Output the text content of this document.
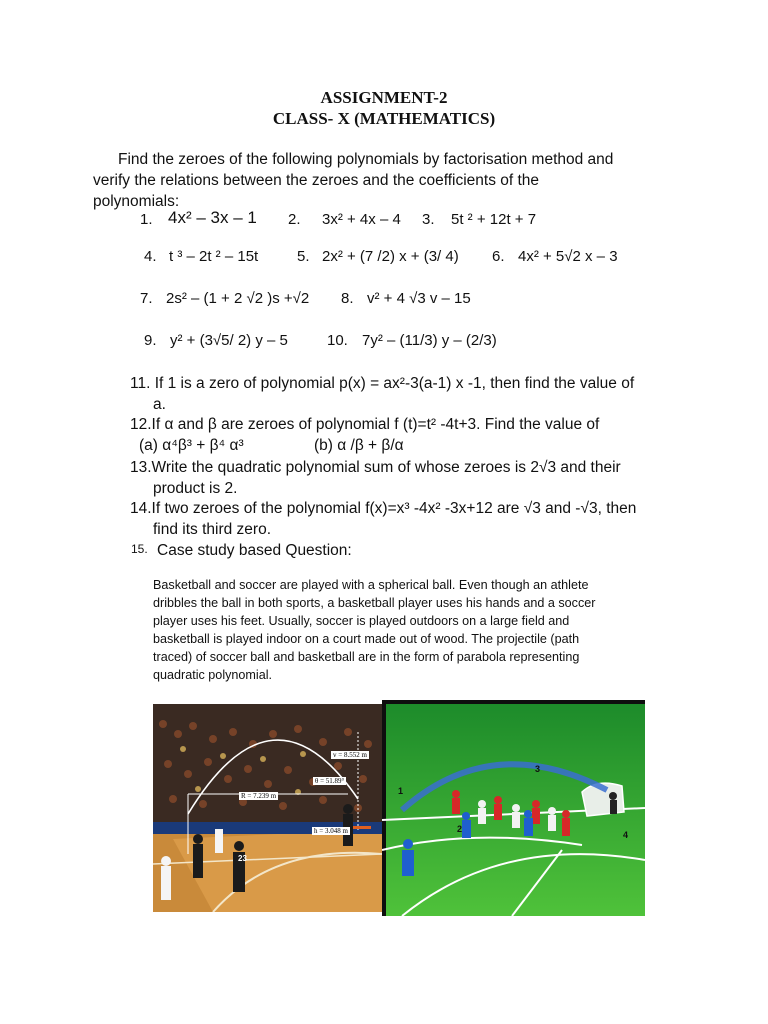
ASSIGNMENT-2
CLASS- X (MATHEMATICS)
Find the zeroes of the following polynomials by factorisation method and
verify the relations between the zeroes and the coefficients of the
polynomials:
1. 4x² – 3x – 1 2. 3x² + 4x – 4 3. 5t ² + 12t + 7
4. t ³ – 2t ² – 15t	5. 2x² + (7 /2) x + (3/ 4) 6. 4x² + 5√2 x – 3
7. 2s² – (1 + 2 √2 )s +√2 8. v² + 4 √3 v – 15
9. y² + (3√5/ 2) y – 5	10. 7y² – (11/3) y – (2/3)
11. If 1 is a zero of polynomial p(x) = ax²-3(a-1) x -1, then find the value of
a.
12.If α and β are zeroes of polynomial f (t)=t² -4t+3. Find the value of
(a) α⁴β³ + β⁴ α³	(b) α /β + β/α
13.Write the quadratic polynomial sum of whose zeroes is 2√3 and their
product is 2.
14.If two zeroes of the polynomial f(x)=x³ -4x² -3x+12 are √3 and -√3, then
find its third zero.
15. Case study based Question:
Basketball and soccer are played with a spherical ball. Even though an athlete
dribbles the ball in both sports, a basketball player uses his hands and a soccer
player uses his feet. Usually, soccer is played outdoors on a large field and
basketball is played indoor on a court made out of wood. The projectile (path
traced) of soccer ball and basketball are in the form of parabola representing
quadratic polynomial.
v = 8.552 m
θ = 51.89°
R = 7.239 m
h = 3.048 m
23
1
2
3
4
